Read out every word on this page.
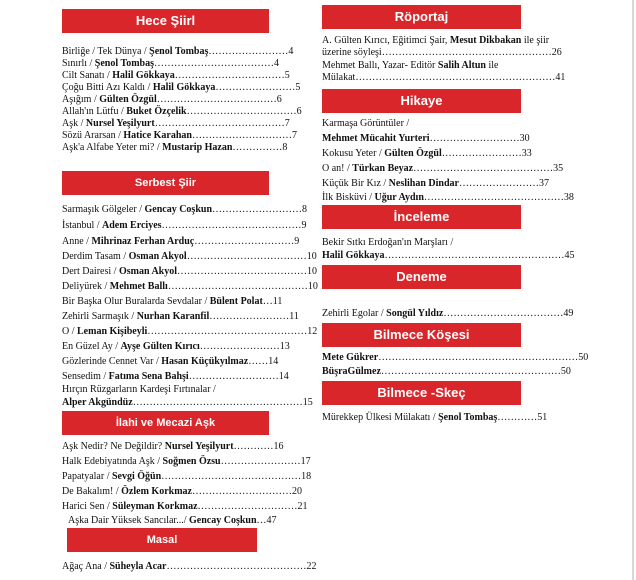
Hece Şiirl
Birliğe / Tek Dünya / Şenol Tombaş……………………4
Sınırlı / Şenol Tombaş………………………………4
Cilt Sanatı / Halil Gökkaya……………………………5
Çoğu Bitti Azı Kaldı / Halil Gökkaya……………………5
Aşığım / Gülten Özgül………………………………6
Allah'ın Lütfu / Buket Özçelik……………………………6
Aşk / Nursel Yeşilyurt…………………………………7
Sözü Ararsan / Hatice Karahan…………………………7
Aşk'a Alfabe Yeter mi? / Mustarip Hazan……………8
Serbest Şiir
Sarmaşık Gölgeler / Gencay Coşkun………………………8
İstanbul / Adem Erciyes……………………………………9
Anne / Mihrinaz Ferhan Arduç…………………………9
Derdim Tasam / Osman Akyol………………………………10
Dert Dairesi / Osman Akyol…………………………………10
Deliyürek / Mehmet Ballı……………………………………10
Bir Başka Olur Buralarda Sevdalar / Bülent Polat…11
Zehirli Sarmaşık / Nurhan Karanfil……………………11
O / Leman Kişibeyli…………………………………………12
En Güzel Ay / Ayşe Gülten Kırıcı……………………13
Gözlerinde Cennet Var / Hasan Küçükyılmaz……14
Sensedim / Fatıma Sena Bahşi………………………14
Hırçın Rüzgarların Kardeşi Fırtınalar /
Alper Akgündüz……………………………………………15
İlahi ve Mecazi Aşk
Aşk Nedir? Ne Değildir? Nursel Yeşilyurt…………16
Halk Edebiyatında Aşk / Soğmen Özsu……………………17
Papatyalar / Sevgi Öğün……………………………………18
De Bakalım! / Özlem Korkmaz…………………………20
Harici Sen / Süleyman Korkmaz…………………………21
Aşka Dair Yüksek Sancılar.../ Gencay Coşkun…47
Masal
Ağaç Ana / Süheyla Acar……………………………………22
Röportaj
A. Gülten Kırıcı, Eğitimci Şair, Mesut Dikbakan ile şiir üzerine söyleşi……………………………………………26
Mehmet Ballı, Yazar- Editör Salih Altun ile Mülakat……………………………………………………41
Hikaye
Karmaşa Görüntüler /
Mehmet Mücahit Yurteri………………………30
Kokusu Yeter / Gülten Özgül……………………33
O an! / Türkan Beyaz……………………………………35
Küçük Bir Kız / Neslihan Dindar……………………37
İlk Bisküvi / Uğur Aydın……………………………………38
İnceleme
Bekir Sıtkı Erdoğan'ın Marşları /
Halil Gökkaya………………………………………………45
Deneme
Zehirli Egolar / Songül Yıldız………………………………49
Bilmece Köşesi
Mete Gükrer……………………………………………………50
BüşraGülmez………………………………………………50
Bilmece -Skeç
Mürekkep Ülkesi Mülakatı / Şenol Tombaş…………51
